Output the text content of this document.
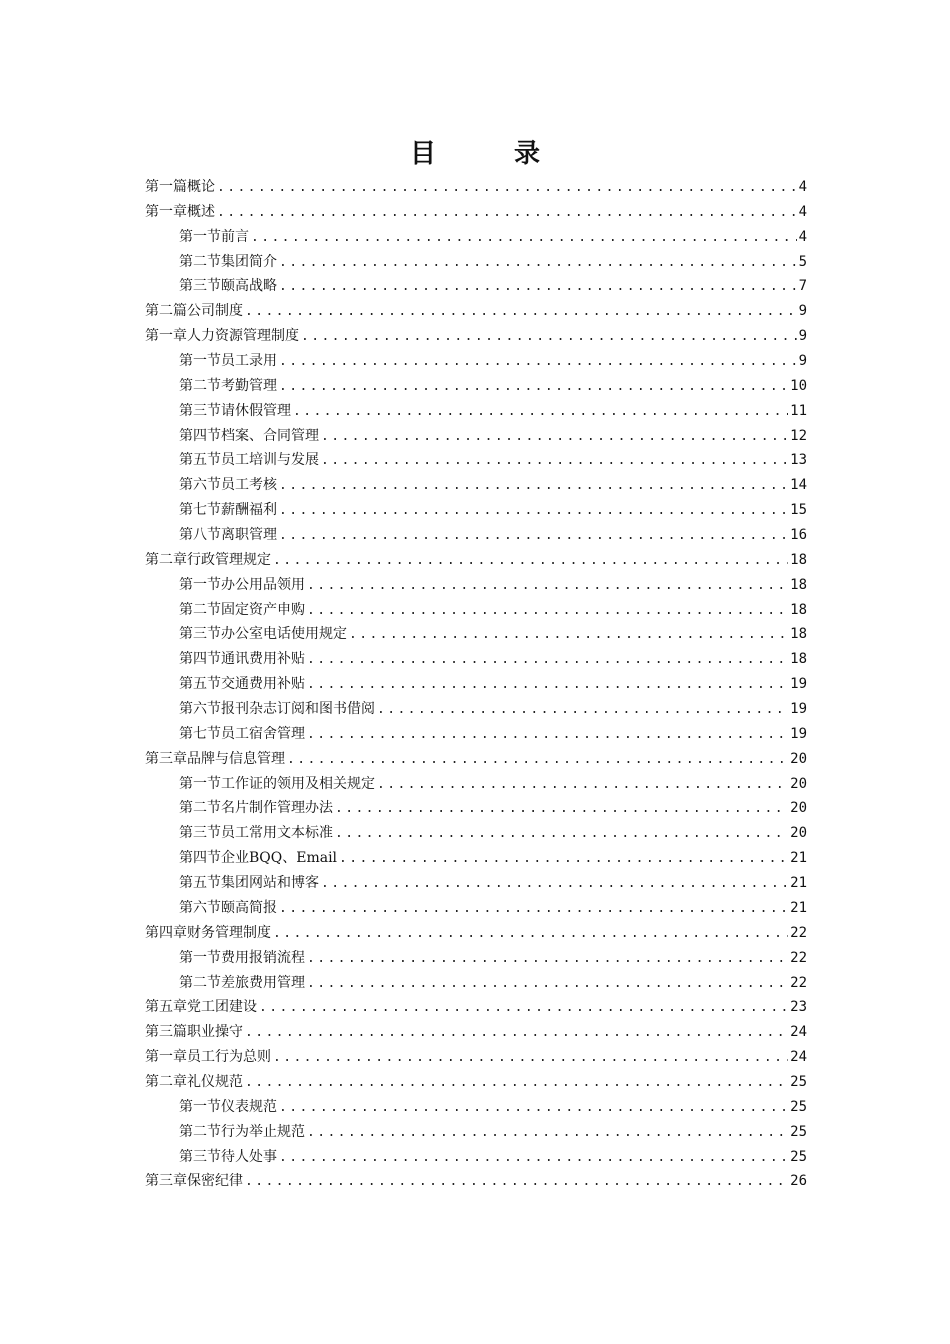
目　录
第一篇 概论 .....	4
第一章 概述 .....	4
第一节 前言 .....	4
第二节 集团简介 .....	5
第三节 颐高战略 .....	7
第二篇 公司制度 .....	9
第一章 人力资源管理制度 .....	9
第一节 员工录用 .....	9
第二节 考勤管理 .....	10
第三节 请休假管理 .....	11
第四节 档案、合同管理 .....	12
第五节 员工培训与发展 .....	13
第六节 员工考核 .....	14
第七节 薪酬福利 .....	15
第八节 离职管理 .....	16
第二章 行政管理规定 .....	18
第一节 办公用品领用 .....	18
第二节 固定资产申购 .....	18
第三节 办公室电话使用规定 .....	18
第四节 通讯费用补贴 .....	18
第五节 交通费用补贴 .....	19
第六节 报刊杂志订阅和图书借阅 .....	19
第七节 员工宿舍管理 .....	19
第三章 品牌与信息管理 .....	20
第一节 工作证的领用及相关规定 .....	20
第二节 名片制作管理办法 .....	20
第三节 员工常用文本标准 .....	20
第四节 企业BQQ、Email .....	21
第五节 集团网站和博客 .....	21
第六节 颐高简报 .....	21
第四章 财务管理制度 .....	22
第一节 费用报销流程 .....	22
第二节 差旅费用管理 .....	22
第五章 党工团建设 .....	23
第三篇 职业操守 .....	24
第一章 员工行为总则 .....	24
第二章 礼仪规范 .....	25
第一节 仪表规范 .....	25
第二节 行为举止规范 .....	25
第三节 待人处事 .....	25
第三章 保密纪律 .....	26
